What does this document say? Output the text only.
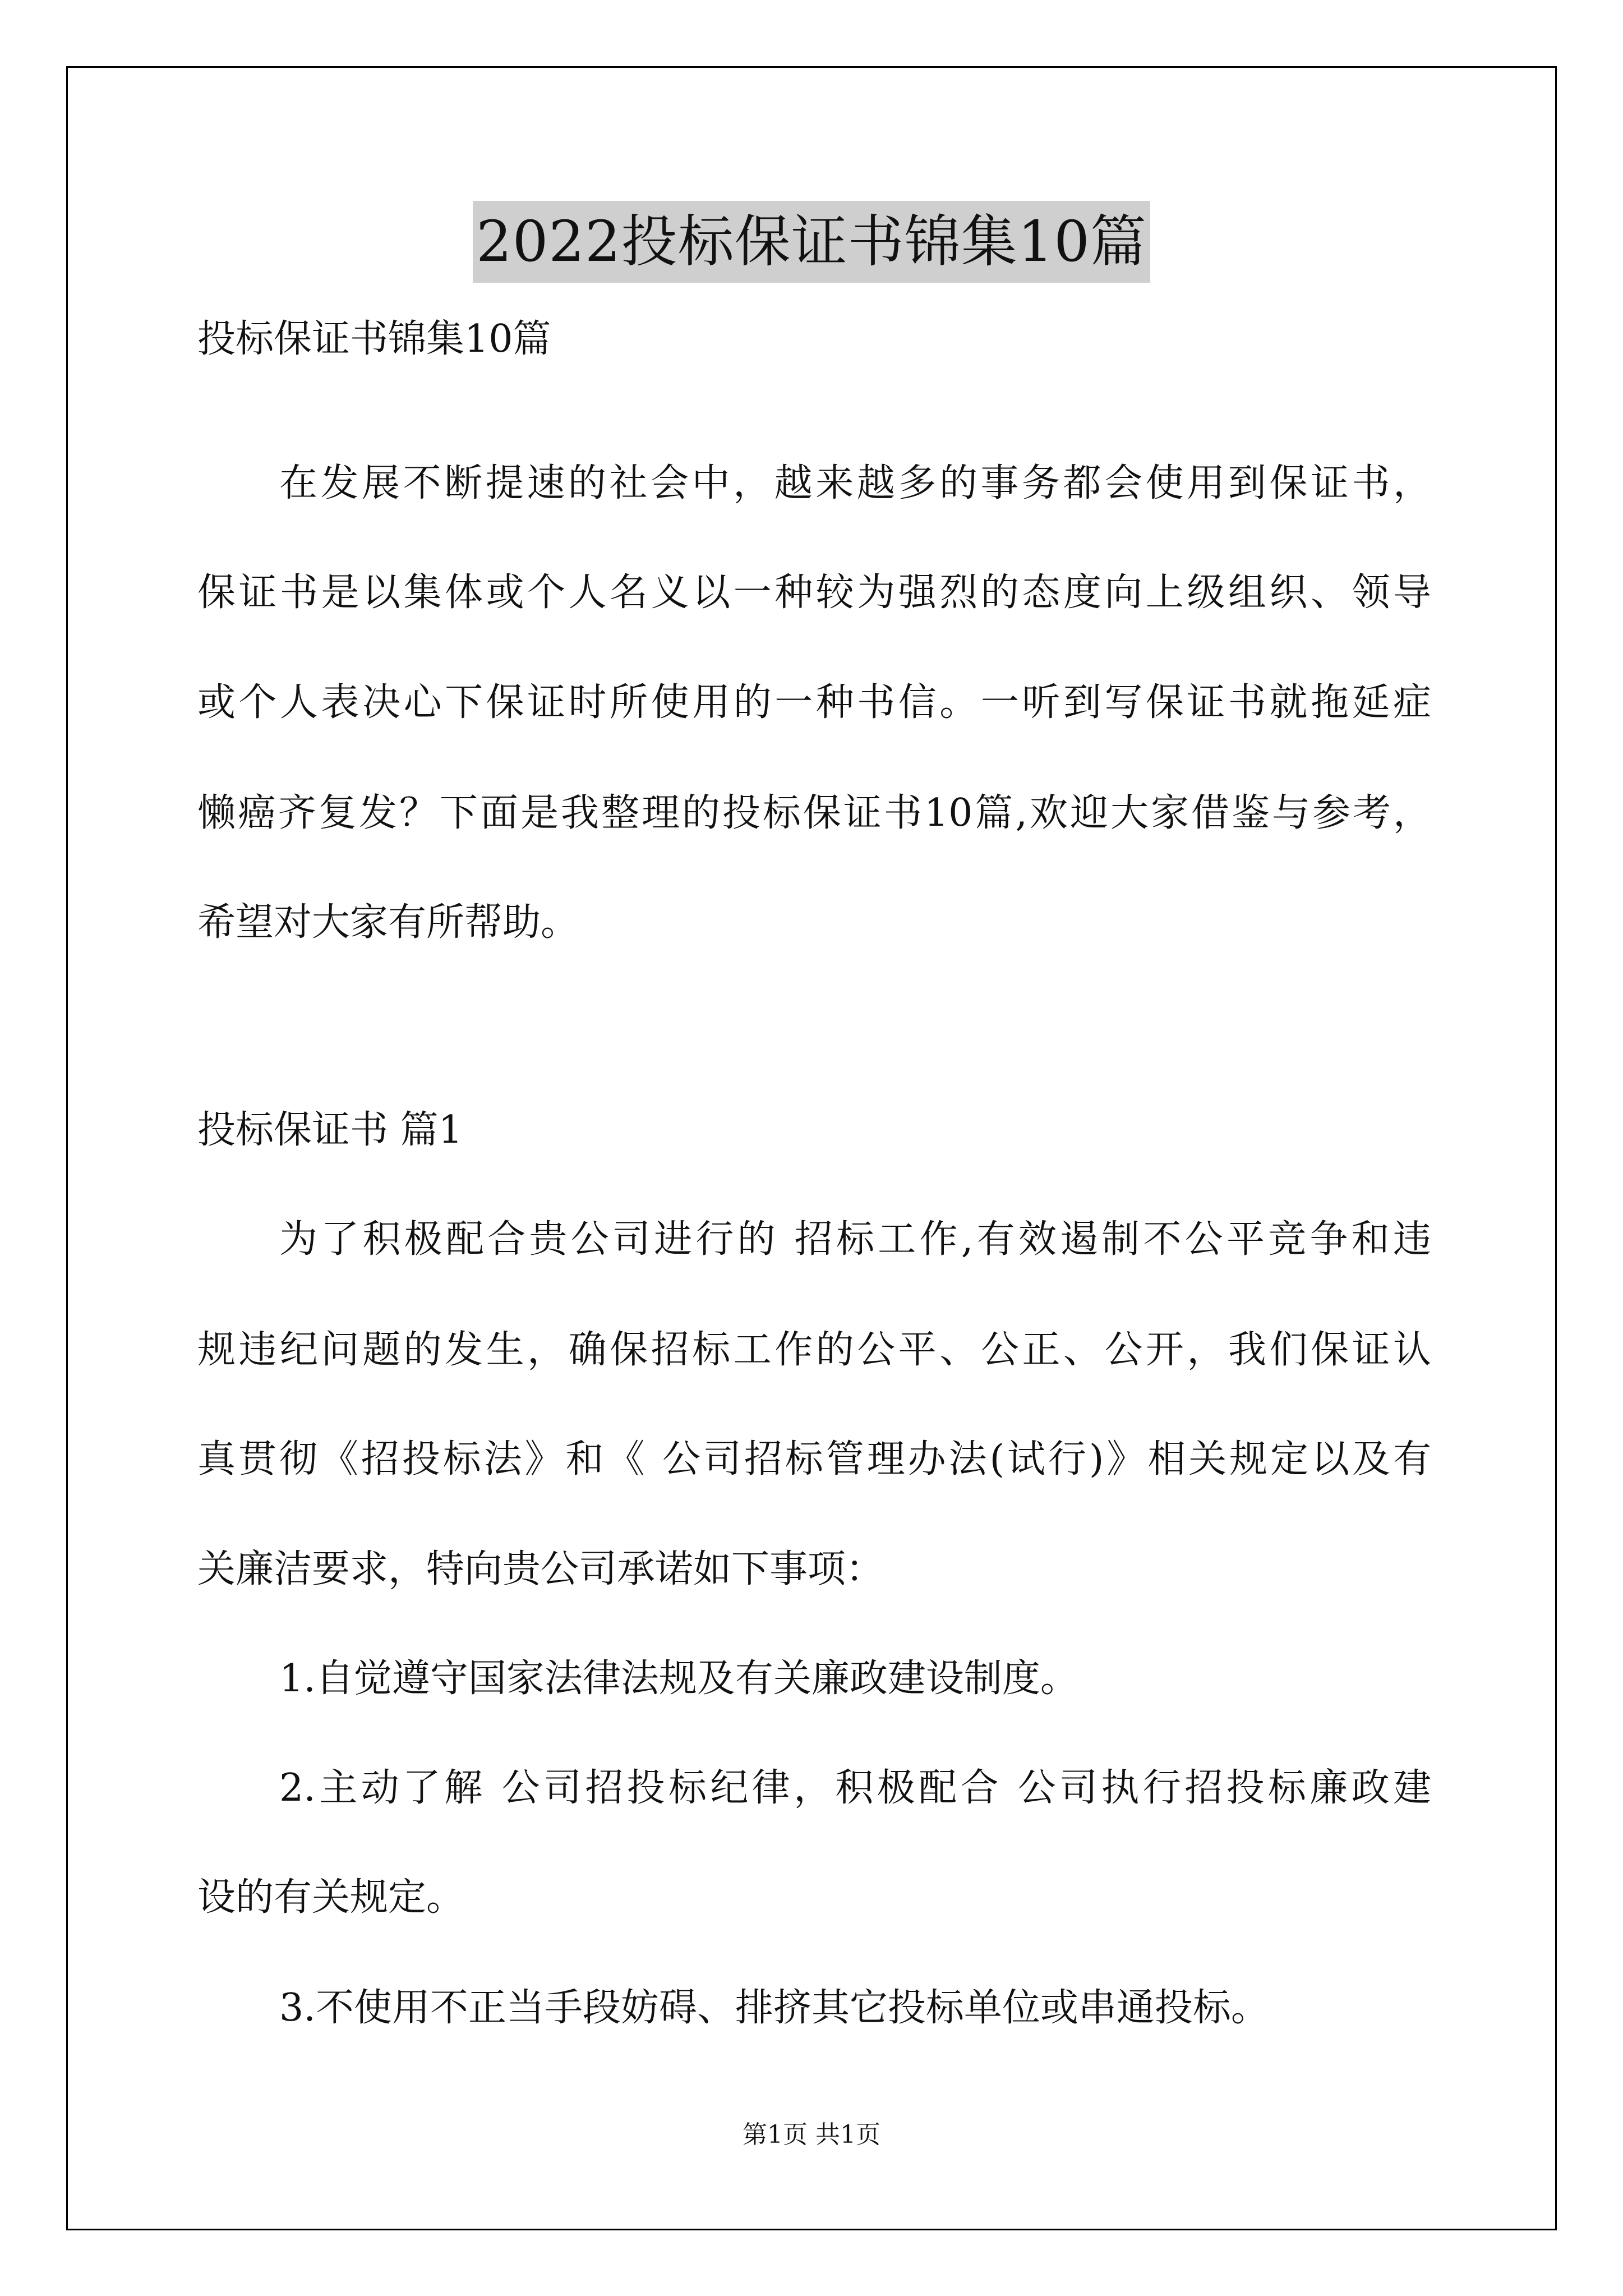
2022投标保证书锦集10篇
投标保证书锦集10篇
在发展不断提速的社会中，越来越多的事务都会使用到保证书，
保证书是以集体或个人名义以一种较为强烈的态度向上级组织、领导
或个人表决心下保证时所使用的一种书信。一听到写保证书就拖延症
懒癌齐复发？下面是我整理的投标保证书10篇,欢迎大家借鉴与参考，
希望对大家有所帮助。
投标保证书 篇1
为了积极配合贵公司进行的 招标工作,有效遏制不公平竞争和违
规违纪问题的发生，确保招标工作的公平、公正、公开，我们保证认
真贯彻《招投标法》和《 公司招标管理办法(试行)》相关规定以及有
关廉洁要求，特向贵公司承诺如下事项：
1.自觉遵守国家法律法规及有关廉政建设制度。
2.主动了解 公司招投标纪律，积极配合 公司执行招投标廉政建
设的有关规定。
3.不使用不正当手段妨碍、排挤其它投标单位或串通投标。
第1页 共1页
